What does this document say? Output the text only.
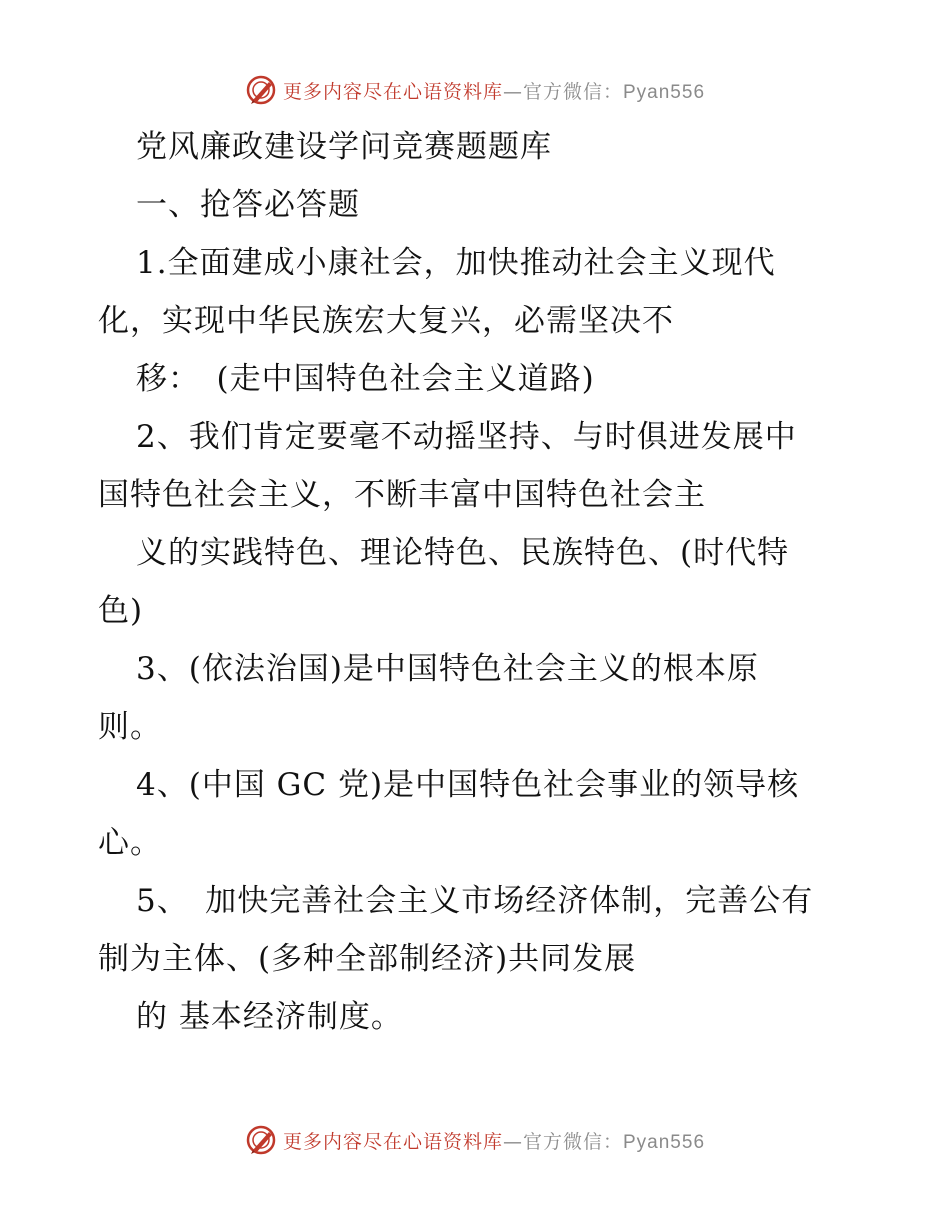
更多内容尽在心语资料库—官方微信：Pyan556
党风廉政建设学问竞赛题题库
一、抢答必答题
1.全面建成小康社会，加快推动社会主义现代
化，实现中华民族宏大复兴，必需坚决不
移：　(走中国特色社会主义道路)
2、我们肯定要毫不动摇坚持、与时俱进发展中
国特色社会主义，不断丰富中国特色社会主
义的实践特色、理论特色、民族特色、(时代特
色)
3、(依法治国)是中国特色社会主义的根本原
则。
4、(中国 GC 党)是中国特色社会事业的领导核
心。
5、　加快完善社会主义市场经济体制，完善公有
制为主体、(多种全部制经济)共同发展
的 基本经济制度。
更多内容尽在心语资料库—官方微信：Pyan556
